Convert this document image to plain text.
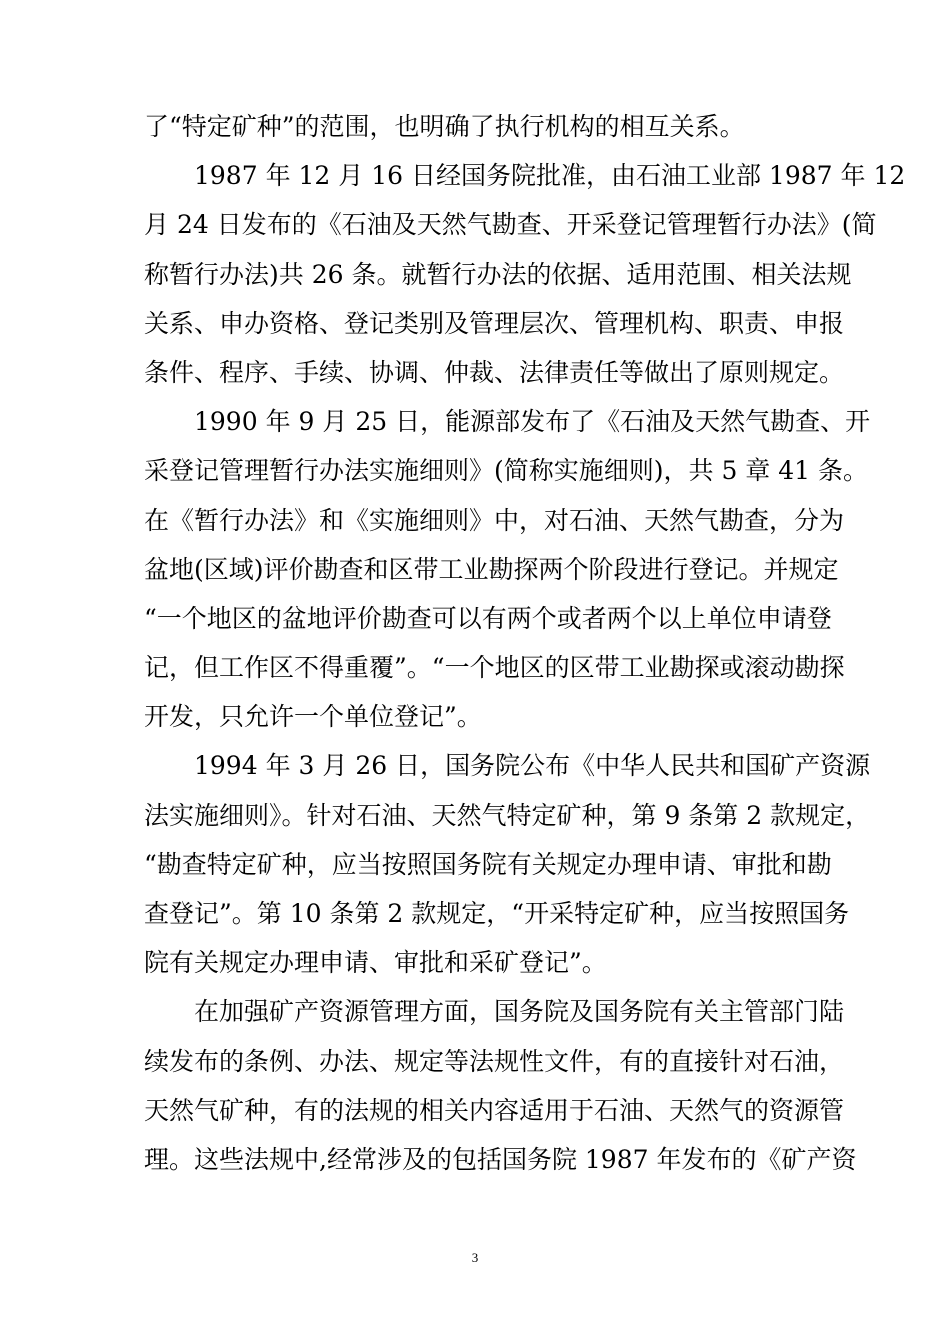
了“特定矿种”的范围，也明确了执行机构的相互关系。
1987 年 12 月 16 日经国务院批准，由石油工业部 1987 年 12
月 24 日发布的《石油及天然气勘查、开采登记管理暂行办法》(简
称暂行办法)共 26 条。就暂行办法的依据、适用范围、相关法规
关系、申办资格、登记类别及管理层次、管理机构、职责、申报
条件、程序、手续、协调、仲裁、法律责任等做出了原则规定。
1990 年 9 月 25 日，能源部发布了《石油及天然气勘查、开
采登记管理暂行办法实施细则》(简称实施细则)，共 5 章 41 条。
在《暂行办法》和《实施细则》中，对石油、天然气勘查，分为
盆地(区域)评价勘查和区带工业勘探两个阶段进行登记。并规定
“一个地区的盆地评价勘查可以有两个或者两个以上单位申请登
记，但工作区不得重覆”。“一个地区的区带工业勘探或滚动勘探
开发，只允许一个单位登记”。
1994 年 3 月 26 日，国务院公布《中华人民共和国矿产资源
法实施细则》。针对石油、天然气特定矿种，第 9 条第 2 款规定，
“勘查特定矿种，应当按照国务院有关规定办理申请、审批和勘
查登记”。第 10 条第 2 款规定，“开采特定矿种，应当按照国务
院有关规定办理申请、审批和采矿登记”。
在加强矿产资源管理方面，国务院及国务院有关主管部门陆
续发布的条例、办法、规定等法规性文件，有的直接针对石油，
天然气矿种，有的法规的相关内容适用于石油、天然气的资源管
理。这些法规中,经常涉及的包括国务院 1987 年发布的《矿产资
3
